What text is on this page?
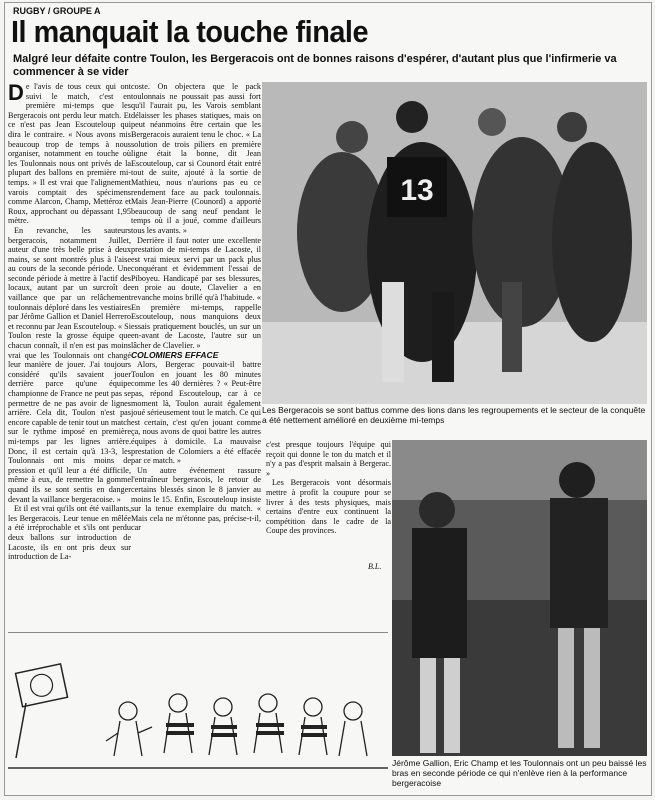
RUGBY / GROUPE A
Il manquait la touche finale
Malgré leur défaite contre Toulon, les Bergeracois ont de bonnes raisons d'espérer, d'autant plus que l'infirmerie va commencer à se vider

De l'avis de tous ceux qui ont suivi le match, c'est en première mi-temps que les Bergeracois ont perdu leur match. Et ce n'est pas Jean Escouteloup qui dira le contraire. « Nous avons mis beaucoup trop de temps à nous organiser, notamment en touche où les Toulonnais nous ont privés de la plupart des ballons en première mi-temps. » Il est vrai que l'alignement varois comptait des spécimens comme Alarcon, Champ, Mettéroz et Roux, approchant ou dépassant 1,95 mètre.

En revanche, les sauteurs bergeracois, notamment Juillet, auteur d'une très belle prise à deux mains, se sont montrés plus à l'aise au cours de la seconde période. Une seconde période à mettre à l'actif des locaux, autant par un surcroît de vaillance que par un relâchement toulonnais déploré dans les vestiaires par Jérôme Gallion et Daniel Herrero et reconnu par Jean Escouteloup. « Si Toulon reste la grosse équipe que chacun connaît, il n'en est pas moins vrai que les Toulonnais ont changé leur manière de jouer. J'ai toujours considéré qu'ils savaient jouer derrière parce qu'une équipe championne de France ne peut pas se permettre de ne pas avoir de lignes arrière. Cela dit, Toulon n'est pas encore capable de tenir tout un match sur le rythme imposé en première mi-temps par les lignes arrière. Donc, il est certain qu'à 13-3, les Toulonnais ont mis moins de pression et qu'il leur a été difficile, même à eux, de remettre la gomme quand ils se sont sentis en danger devant la vaillance bergeracoise. »

Et il est vrai qu'ils ont été vaillants, les Bergeracois. Leur tenue en mêlée a été irréprochable et s'ils ont perdu deux ballons sur introduction de Lacoste, ils en ont pris deux sur introduction de La-

coste. On objectera que le pack toulonnais ne poussait pas aussi fort qu'il l'aurait pu, les Varois semblant délaisser les phases statiques, mais on peut néanmoins être certain que les Bergeracois auraient tenu le choc. « La solution de trois piliers en première ligne était la bonne, dit Jean Escouteloup, car si Counord était entré tout de suite, ajouté à la sortie de Mathieu, nous n'aurions pas eu ce rendement face au pack toulonnais. Mais Jean-Pierre (Counord) a apporté beaucoup de sang neuf pendant le temps où il a joué, comme d'ailleurs tous les avants. »

Derrière il faut noter une excellente prestation de mi-temps de Lacoste, il est vrai mieux servi par un pack plus conquérant et évidemment l'essai de Piboyeu. Handicapé par ses blessures, en proie au doute, Clavelier a en revanche moins brillé qu'à l'habitude. « En première mi-temps, rappelle Escouteloup, nous manquions deux essais pratiquement bouclés, un sur un en-avant de Lacoste, l'autre sur un lâcher de Clavelier. »

COLOMIERS EFFACE

Alors, Bergerac pouvait-il battre Toulon en jouant les 80 minutes comme les 40 dernières ? « Peut-être pas, répond Escouteloup, car à ce moment là, Toulon aurait également joué sérieusement tout le match. Ce qui est certain, c'est qu'en jouant comme ça, nous avons de quoi battre les autres équipes à domicile. La mauvaise prestation de Colomiers a été effacée par ce match. »

Un autre événement rassure l'entraîneur bergeracois, le retour de certains blessés sinon le 8 janvier au moins le 15. Enfin, Escouteloup insiste sur la tenue exemplaire du match. « Mais cela ne m'étonne pas, précise-t-il, car

13
Les Bergeracois se sont battus comme des lions dans les regroupements et le secteur de la conquête a été nettement amélioré en deuxième mi-temps

c'est presque toujours l'équipe qui reçoit qui donne le ton du match et il n'y a pas d'esprit malsain à Bergerac. »

Les Bergeracois vont désormais mettre à profit la coupure pour se livrer à des tests physiques, mais certains d'entre eux continuent la compétition dans le cadre de la Coupe des provinces.

B.L.
Jérôme Gallion, Eric Champ et les Toulonnais ont un peu baissé les bras en seconde période ce qui n'enlève rien à la performance bergeracoise
